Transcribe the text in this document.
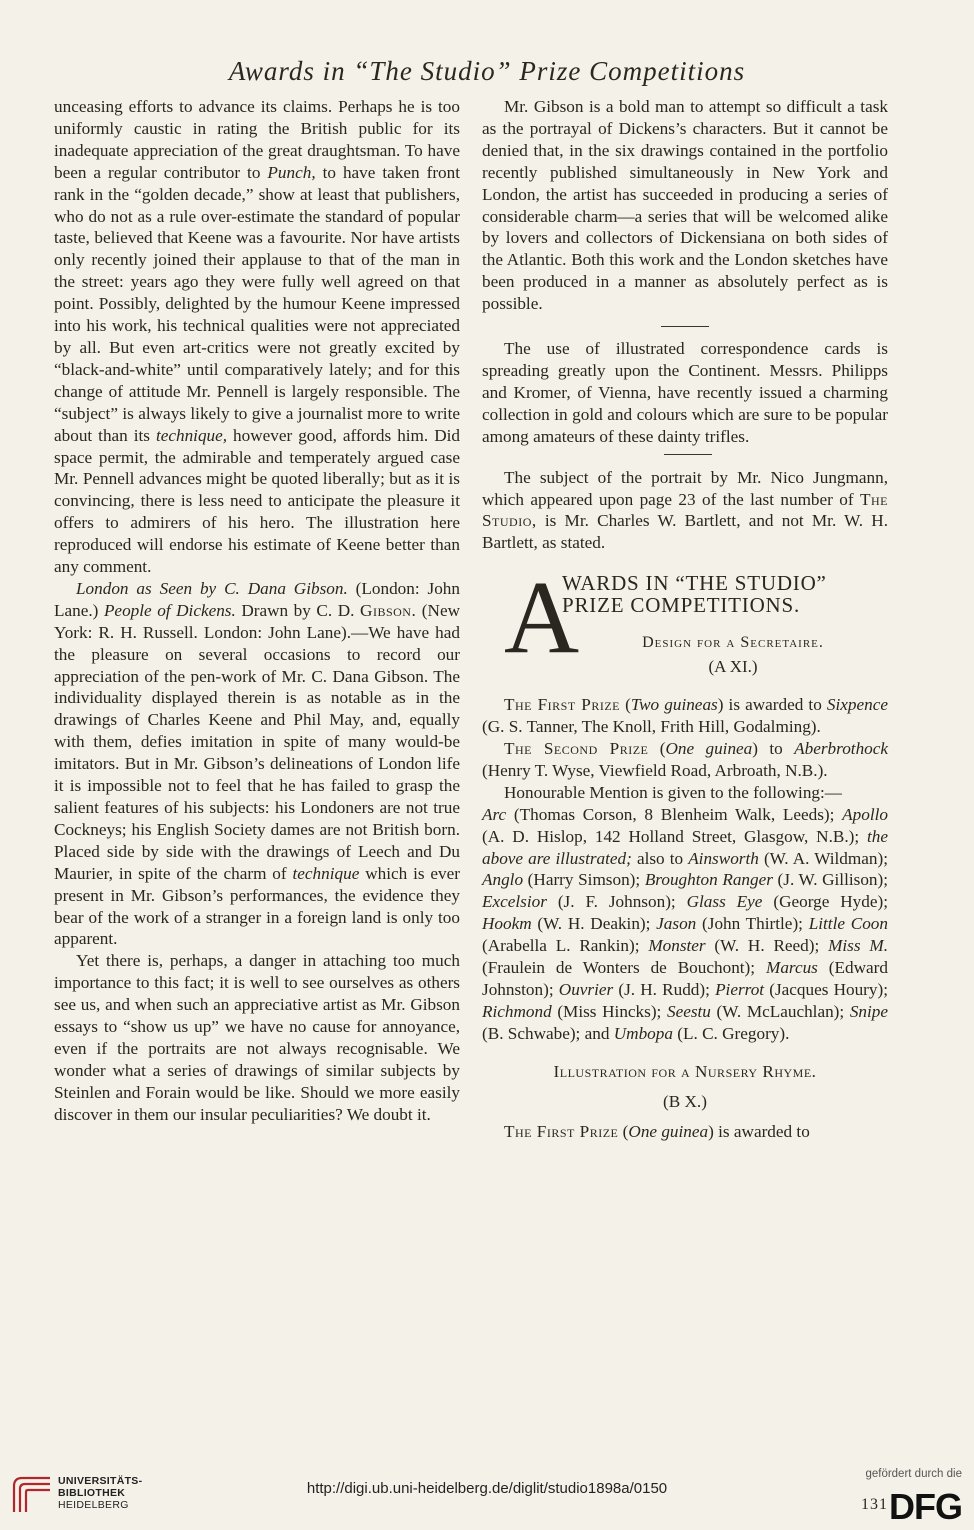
Awards in “The Studio” Prize Competitions

unceasing efforts to advance its claims. Perhaps he is too uniformly caustic in rating the British public for its inadequate appreciation of the great draughtsman. To have been a regular contributor to Punch, to have taken front rank in the “golden decade,” show at least that publishers, who do not as a rule over-estimate the standard of popular taste, believed that Keene was a favourite. Nor have artists only recently joined their applause to that of the man in the street: years ago they were fully well agreed on that point. Possibly, delighted by the humour Keene impressed into his work, his technical qualities were not appreciated by all. But even art-critics were not greatly excited by “black-and-white” until comparatively lately; and for this change of attitude Mr. Pennell is largely responsible. The “subject” is always likely to give a journalist more to write about than its technique, however good, affords him. Did space permit, the admirable and temperately argued case Mr. Pennell advances might be quoted liberally; but as it is convincing, there is less need to anticipate the pleasure it offers to admirers of his hero. The illustration here reproduced will endorse his estimate of Keene better than any comment.

London as Seen by C. Dana Gibson. (London: John Lane.) People of Dickens. Drawn by C. D. Gibson. (New York: R. H. Russell. London: John Lane).—We have had the pleasure on several occasions to record our appreciation of the pen-work of Mr. C. Dana Gibson. The individuality displayed therein is as notable as in the drawings of Charles Keene and Phil May, and, equally with them, defies imitation in spite of many would-be imitators. But in Mr. Gibson’s delineations of London life it is impossible not to feel that he has failed to grasp the salient features of his subjects: his Londoners are not true Cockneys; his English Society dames are not British born. Placed side by side with the drawings of Leech and Du Maurier, in spite of the charm of technique which is ever present in Mr. Gibson’s performances, the evidence they bear of the work of a stranger in a foreign land is only too apparent.

Yet there is, perhaps, a danger in attaching too much importance to this fact; it is well to see ourselves as others see us, and when such an appreciative artist as Mr. Gibson essays to “show us up” we have no cause for annoyance, even if the portraits are not always recognisable. We wonder what a series of drawings of similar subjects by Steinlen and Forain would be like. Should we more easily discover in them our insular peculiarities? We doubt it.

Mr. Gibson is a bold man to attempt so difficult a task as the portrayal of Dickens’s characters. But it cannot be denied that, in the six drawings contained in the portfolio recently published simultaneously in New York and London, the artist has succeeded in producing a series of considerable charm—a series that will be welcomed alike by lovers and collectors of Dickensiana on both sides of the Atlantic. Both this work and the London sketches have been produced in a manner as absolutely perfect as is possible.

The use of illustrated correspondence cards is spreading greatly upon the Continent. Messrs. Philipps and Kromer, of Vienna, have recently issued a charming collection in gold and colours which are sure to be popular among amateurs of these dainty trifles.

The subject of the portrait by Mr. Nico Jungmann, which appeared upon page 23 of the last number of The Studio, is Mr. Charles W. Bartlett, and not Mr. W. H. Bartlett, as stated.

A
WARDS IN “THE STUDIO” PRIZE COMPETITIONS.
Design for a Secretaire.
(A XI.)

The First Prize (Two guineas) is awarded to Sixpence (G. S. Tanner, The Knoll, Frith Hill, Godalming).

The Second Prize (One guinea) to Aberbrothock (Henry T. Wyse, Viewfield Road, Arbroath, N.B.).

Honourable Mention is given to the following:—

Arc (Thomas Corson, 8 Blenheim Walk, Leeds); Apollo (A. D. Hislop, 142 Holland Street, Glasgow, N.B.); the above are illustrated; also to Ainsworth (W. A. Wildman); Anglo (Harry Simson); Broughton Ranger (J. W. Gillison); Excelsior (J. F. Johnson); Glass Eye (George Hyde); Hookm (W. H. Deakin); Jason (John Thirtle); Little Coon (Arabella L. Rankin); Monster (W. H. Reed); Miss M. (Fraulein de Wonters de Bouchont); Marcus (Edward Johnston); Ouvrier (J. H. Rudd); Pierrot (Jacques Houry); Richmond (Miss Hincks); Seestu (W. McLauchlan); Snipe (B. Schwabe); and Umbopa (L. C. Gregory).

Illustration for a Nursery Rhyme.

(B X.)

The First Prize (One guinea) is awarded to

131
UNIVERSITÄTS-
BIBLIOTHEK
HEIDELBERG
http://digi.ub.uni-heidelberg.de/diglit/studio1898a/0150
gefördert durch die
DFG
